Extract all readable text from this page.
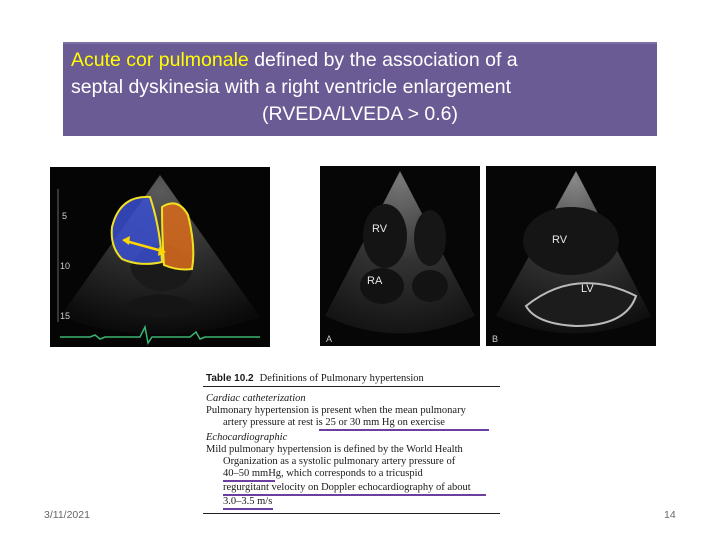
Acute cor pulmonale defined by the association of a
septal dyskinesia with a right ventricle enlargement
(RVEDA/LVEDA > 0.6)
5
10
15
RV
RA
A
RV
LV
B
Table 10.2 Definitions of Pulmonary hypertension
Cardiac catheterization
Pulmonary hypertension is present when the mean pulmonary
artery pressure at rest is 25 or 30 mm Hg on exercise
Echocardiographic
Mild pulmonary hypertension is defined by the World Health
Organization as a systolic pulmonary artery pressure of
40–50 mmHg, which corresponds to a tricuspid
regurgitant velocity on Doppler echocardiography of about
3.0–3.5 m/s
3/11/2021	14
